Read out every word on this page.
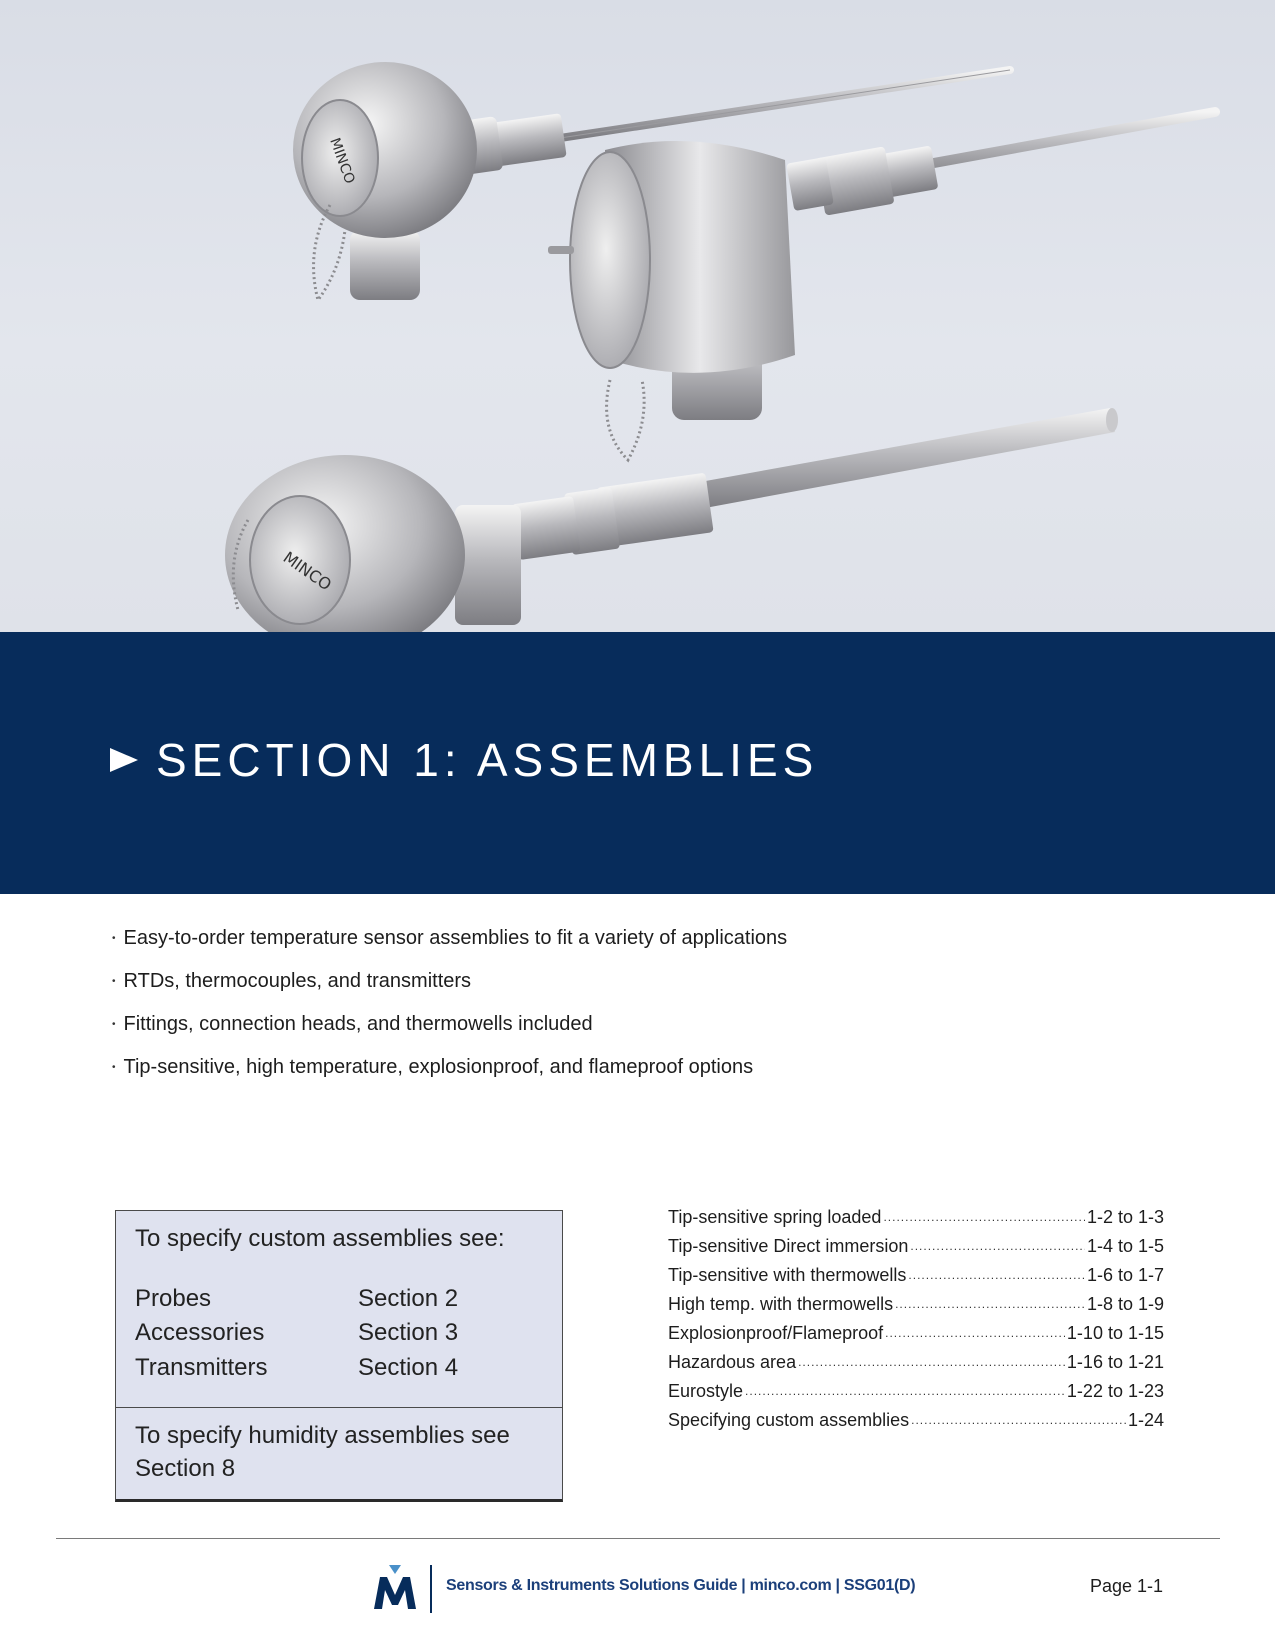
MINCO
MINCO
SECTION 1: ASSEMBLIES
• Easy-to-order temperature sensor assemblies to fit a variety of applications
• RTDs, thermocouples, and transmitters
• Fittings, connection heads, and thermowells included
• Tip-sensitive, high temperature, explosionproof, and flameproof options
To specify custom assemblies see:
Probes	Section 2
Accessories	Section 3
Transmitters	Section 4
To specify humidity assemblies see Section 8
Tip-sensitive spring loaded .....	1-2 to 1-3
Tip-sensitive Direct immersion .....	1-4 to 1-5
Tip-sensitive with thermowells .....	1-6 to 1-7
High temp. with thermowells .....	1-8 to 1-9
Explosionproof/Flameproof .....	1-10 to 1-15
Hazardous area .....	1-16 to 1-21
Eurostyle .....	1-22 to 1-23
Specifying custom assemblies .....	1-24
Sensors & Instruments Solutions Guide | minco.com | SSG01(D)	Page 1-1
